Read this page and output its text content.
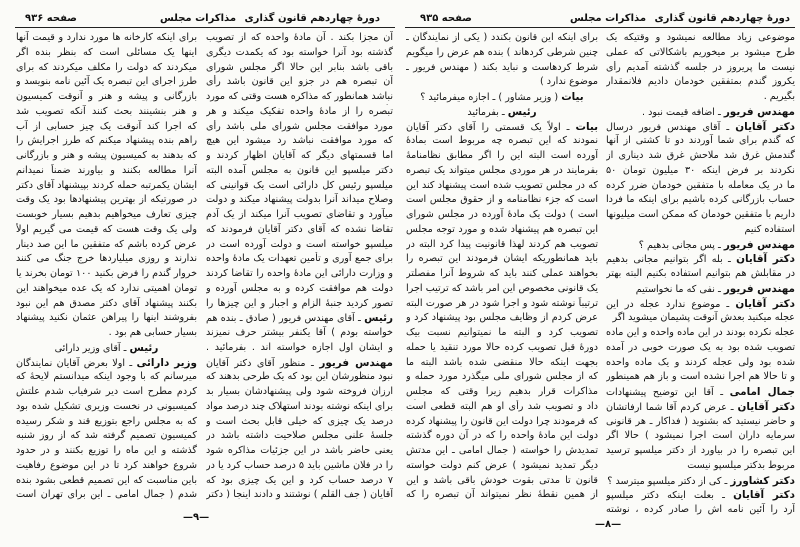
دورهٔ چهاردهم قانون گذاری
مذاکرات مجلس
صفحه ۹۳۶
آن مجزا بکند . آن مادهٔ واحده که از تصویب
گذشته بود آنرا خواسته بود که یکمدت دیگری
باقی باشد بنابر این حالا اگر مجلس شورای
آن تبصره هم در جزو این قانون باشد رأی
نباشد همانطور که مذاکره هست وقتی که مورد
تبصره را از مادهٔ واحده تفکیک میکند و هر
مورد موافقت مجلس شورای ملی باشد رأی
که مورد موافقت نباشد رد میشود این هیچ
اما قسمتهای دیگر که آقایان اظهار کردند و
دکتر میلسپو این قانون به مجلس آمده البته
میلسپو رئیس کل دارائی است یک قوانینی که
وصلاح میداند آنرا بدولت پیشنهاد میکند و دولت
میآورد و تقاضای تصویب آنرا میکند از یک آدم
تقاضا نشده که آقای دکتر آقایان فرمودند که
میلسپو خواسته است و دولت آورده است در
برای جمع آوری و تأمین تعهدات یک مادهٔ واحده
و وزارت دارائی این مادهٔ واحده را تقاضا کردند
دولت هم موافقت کرده و به مجلس آورده و
تصور کردید جنبهٔ الزام و اجبار و این چیزها را
رئیس ـ آقای مهندس فریور ( صادق ـ بنده هم
خواسته بودم ) آقا یکنفر بیشتر حرف نمیزند
و ایشان اول اجازه خواسته اند . بفرمائید .
مهندس فریور ـ منظور آقای دکتر آقایان
نبود منظورشان این بود که یک طرحی بدهند که
ارزان فروخته شود ولی پیشنهادشان بسیار بد
برای اینکه نوشته بودند استهلاک چند درصد مواد
درصد یک چیزی که خیلی قابل بحث است و
جلسهٔ علنی مجلس صلاحیت داشته باشد در
یعنی حاضر باشد در این جزئیات مذاکره شود
را در فلان ماشین باید ۵ درصد حساب کرد یا در
۷ درصد حساب کرد و این یک چیزی بود که
آقایان ( جف القلم ) نوشتند و دادند اینجا ( دکتر
برای اینکه کارخانه ها مورد ندارد و قیمت آنها
اینها یک مسائلی است که بنظر بنده اگر
میکردند که دولت را مکلف میکردند که برای
طرز اجرای این تبصره یک آئین نامه بنویسد و
بازرگانی و پیشه و هنر و آنوقت کمیسیون
و هنر بنشینند بحث کنند آنکه تصویب شد
که اجرا کند آنوقت یک چیز حسابی از آب
راهم بنده پیشنهاد میکنم که طرز اجرایش را
که بدهند به کمیسیون پیشه و هنر و بازرگانی
آنرا مطالعه بکنند و بیاورند ضمناً نمیدانم
ایشان یکمرتبه حمله کردند بپیشنهاد آقای دکتر
در صورتیکه از بهترین پیشنهادها بود یک وقت
چیزی تعارف میخواهیم بدهیم بسیار خوبست
ولی یک وقت هست که قیمت می گیریم اولاً
عرض کرده باشم که متفقین ما این صد دینار
ندارند و روزی میلیاردها خرج جنگ می کنند
خروار گندم را فرض بکنید ۱۰۰ تومان بخرند یا
تومان اهمیتی ندارد که یک عده میخواهند این
بکنند پیشنهاد آقای دکتر مصدق هم این نبود
بفروشند اینها را پیراهن عثمان نکنید پیشنهاد
بسیار حسابی هم بود .
رئیس ـ آقای وزیر دارائی
وزیر دارائی ـ اولا بعرض آقایان نمایندگان
میرسانم که با وجود اینکه میدانستم لایحهٔ که
کردم مطرح است دیر شرفیاب شدم علتش
کمیسیونی در نخست وزیری تشکیل شده بود
که به مجلس راجع بتوزیع قند و شکر رسیده
کمیسیون تصمیم گرفته شد که از روز شنبه
گذشته و این ماه را توزیع بکنند و در حدود
شروع خواهند کرد تا در این موضوع رفاهیت
باین مناسبت که این تصمیم قطعی بشود بنده
شدم ( جمال امامی ـ این برای تهران است
—۹—
دورهٔ چهاردهم قانون گذاری
مذاکرات مجلس
صفحه ۹۳۵
موضوعی زیاد مطالعه نمیشود و وقتیکه یک
طرح میشود بر میخوریم باشکالاتی که عملی
نیست ما پریروز در جلسه گذشته آمدیم رأی
یکروز گندم بمتفقین خودمان دادیم فلانمقدار
بگیریم .
مهندس فریور ـ اضافه قیمت نبود .
دکتر آقایان ـ آقای مهندس فریور درسال
که گندم برای شما آوردند دو تا کشتی از آنها
گندمش غرق شد ملاحش غرق شد دیناری از
نکردند بر فرض اینکه ۳۰ میلیون تومان ۵۰
ما در یک معامله با متفقین خودمان ضرر کرده
حساب بازرگانی کرده باشیم برای اینکه ما فردا
داریم با متفقین خودمان که ممکن است میلیونها
استفاده کنیم
مهندس فریور ـ پس مجانی بدهیم ؟
دکتر آقایان ـ بله اگر بتوانیم مجانی بدهیم
در مقابلش هم بتوانیم استفاده بکنیم البته بهتر
مهندس فریور ـ نفی که ما نخواستیم
دکتر آقایان ـ موضوع ندارد عجله در این
عجله میکنید بعدش آنوقت پشیمان میشوید اگر
عجله نکرده بودند در این ماده واحده و این ماده
تصویب شده بود به یک صورت خوبی در آمده
شده بود ولی عجله کردند و یک ماده واحده
و تا حالا هم اجرا نشده است و باز هم همینطور
جمال امامی ـ آقا این توضیح پیشنهادات
دکتر آقایان ـ عرض کردم آقا شما ارفاتشان
و حاضر نیستید که بشنوید ( فداکار ـ هر قانونی
سرمایه داران است اجرا نمیشود ) حالا اگر
این تبصره را در بیاورد از دکتر میلسپو ترسید
مربوط بدکتر میلسپو نیست
دکتر کشاورز ـ کی از دکتر میلسپو میترسد ؟
دکتر آقایان ـ بعلت اینکه دکتر میلسپو
آرد را آئین نامه اش را صادر کرده ، نوشته
برای اینکه این قانون بکندد ( یکی از نمایندگان ـ
چنین شرطی کردهاند ) بنده هم عرض را میگویم
شرط کردهاست و نباید بکند ( مهندس فریور ـ
موضوع ندارد )
بیات ( وزیر مشاور ) ـ اجازه میفرمائید ؟
رئیس ـ بفرمائید
بیات ـ اولاً یک قسمتی را آقای دکتر آقایان
نمودند که این تبصره چه مربوط است بمادهٔ
آورده است البته این را اگر مطابق نظامنامهٔ
بفرمایند در هر موردی مجلس میتواند یک تبصره
که در مجلس تصویب شده است پیشنهاد کند این
است که جزء نظامنامه و از حقوق مجلس است
است ) دولت یک مادهٔ آورده در مجلس شورای
این تبصره هم پیشنهاد شده و مورد توجه مجلس
تصویب هم کردند لهذا قانونیت پیدا کرد البته در
باید همانطوریکه ایشان فرمودند این تبصره را
بخواهند عملی کنند باید که شروط آنرا مفصلتر
یک قانونی مخصوص این امر باشد که ترتیب اجرا
ترتیباً نوشته شود و اجرا شود در هر صورت البته
عرض کردم از وظایف مجلس بود پیشنهاد کرد و
تصویب کرد و البته ما نمیتوانیم نسبت بیک
دورهٔ قبل تصویب کرده حالا مورد تنقید یا حمله
بجهت اینکه حالا منقضی شده باشد البته ما
که از مجلس شورای ملی میگذرد مورد حمله و
مذاکرات قرار بدهیم زیرا وقتی که مجلس
داد و تصویب شد رأی او هم البته قطعی است
که فرمودند چرا دولت این قانون را پیشنهاد کرده
دولت این مادهٔ واحده را که در آن دوره گذشته
تمدیدش را خواسته ( جمال امامی ـ این مدتش
دیگر تمدید نمیشود ) عرض کنم دولت خواسته
قانون تا مدتی بقوت خودش باقی باشد و این
از همین نقطهٔ نظر نمیتواند آن تبصره را که
—۸—
